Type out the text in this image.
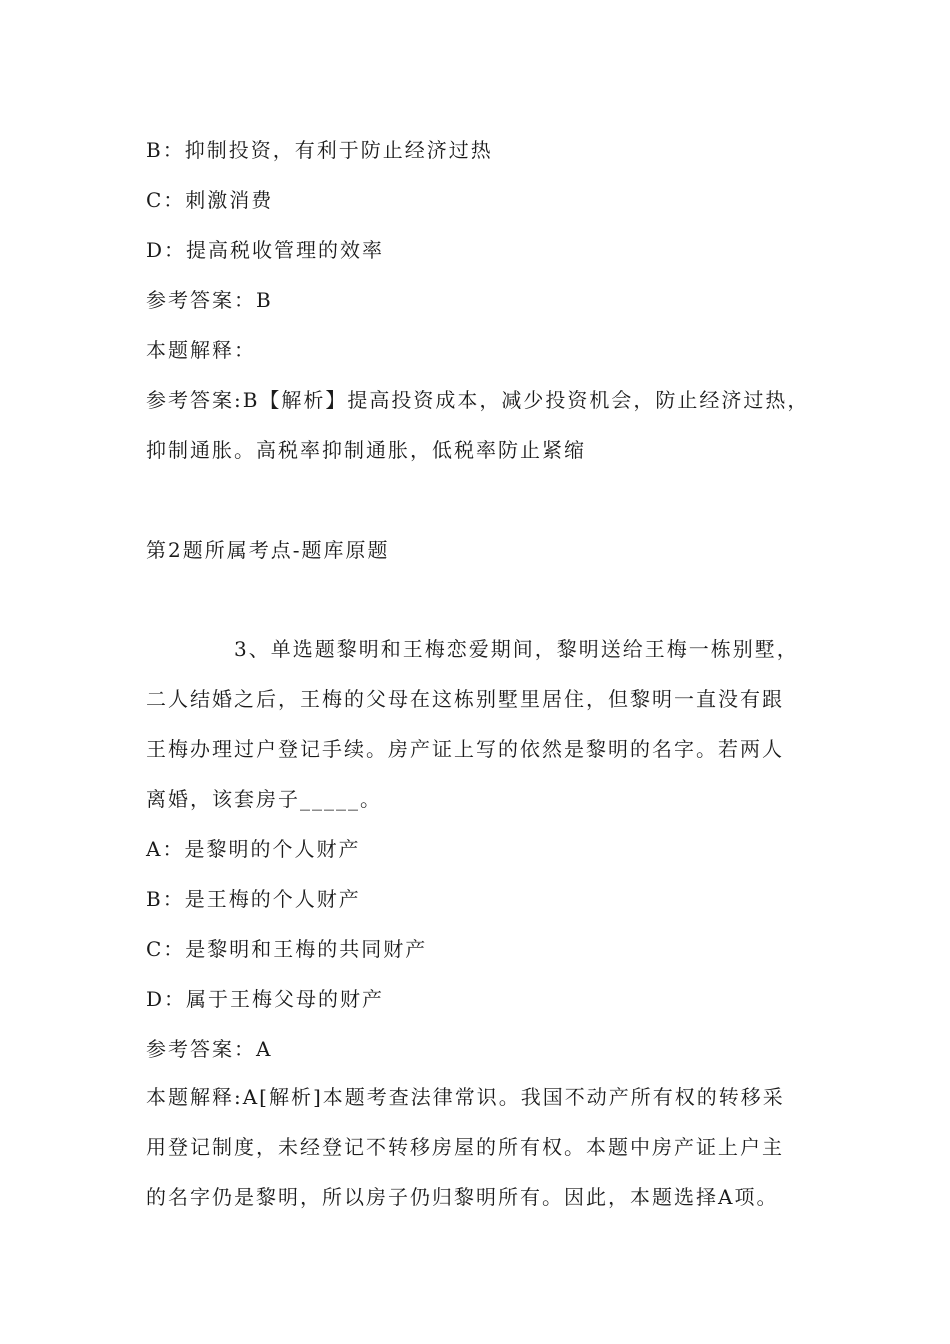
B：抑制投资，有利于防止经济过热
C：刺激消费
D：提高税收管理的效率
参考答案：B
本题解释：
参考答案:B【解析】提高投资成本，减少投资机会，防止经济过热，
抑制通胀。高税率抑制通胀，低税率防止紧缩
第2题所属考点-题库原题
3、单选题黎明和王梅恋爱期间，黎明送给王梅一栋别墅，
二人结婚之后，王梅的父母在这栋别墅里居住，但黎明一直没有跟
王梅办理过户登记手续。房产证上写的依然是黎明的名字。若两人
离婚，该套房子_____。
A：是黎明的个人财产
B：是王梅的个人财产
C：是黎明和王梅的共同财产
D：属于王梅父母的财产
参考答案：A
本题解释:A[解析]本题考查法律常识。我国不动产所有权的转移采
用登记制度，未经登记不转移房屋的所有权。本题中房产证上户主
的名字仍是黎明，所以房子仍归黎明所有。因此，本题选择A项。
